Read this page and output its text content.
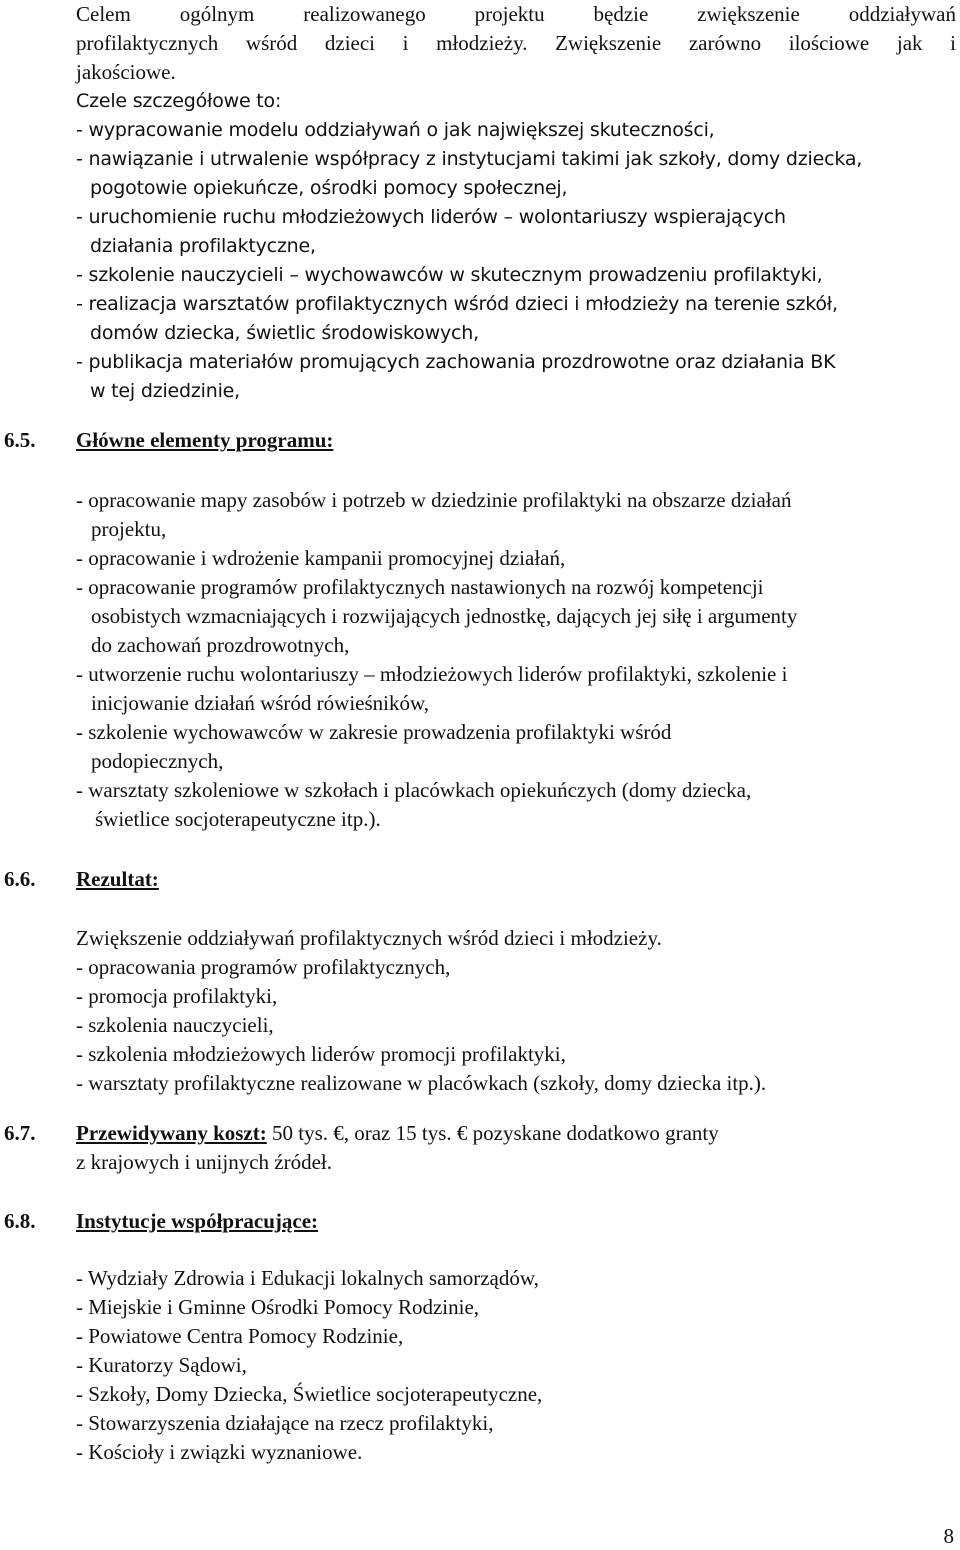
Celem ogólnym realizowanego projektu będzie zwiększenie oddziaływań
profilaktycznych wśród dzieci i młodzieży. Zwiększenie zarówno ilościowe jak i
jakościowe.
Czele szczegółowe to:
- wypracowanie modelu oddziaływań o jak największej skuteczności,
- nawiązanie i utrwalenie współpracy z instytucjami takimi jak szkoły, domy dziecka,
pogotowie opiekuńcze, ośrodki pomocy społecznej,
- uruchomienie ruchu młodzieżowych liderów – wolontariuszy wspierających
działania profilaktyczne,
- szkolenie nauczycieli – wychowawców w skutecznym prowadzeniu profilaktyki,
- realizacja warsztatów profilaktycznych wśród dzieci i młodzieży na terenie szkół,
domów dziecka, świetlic środowiskowych,
- publikacja materiałów promujących zachowania prozdrowotne oraz działania BK
w tej dziedzinie,
6.5. Główne elementy programu:
- opracowanie mapy zasobów i potrzeb w dziedzinie profilaktyki na obszarze działań
projektu,
- opracowanie i wdrożenie kampanii promocyjnej działań,
- opracowanie programów profilaktycznych nastawionych na rozwój kompetencji
osobistych wzmacniających i rozwijających jednostkę, dających jej siłę i argumenty
do zachowań prozdrowotnych,
- utworzenie ruchu wolontariuszy – młodzieżowych liderów profilaktyki, szkolenie i
inicjowanie działań wśród rówieśników,
- szkolenie wychowawców w zakresie prowadzenia profilaktyki wśród
podopiecznych,
- warsztaty szkoleniowe w szkołach i placówkach opiekuńczych (domy dziecka,
świetlice socjoterapeutyczne itp.).
6.6. Rezultat:
Zwiększenie oddziaływań profilaktycznych wśród dzieci i młodzieży.
- opracowania programów profilaktycznych,
- promocja profilaktyki,
- szkolenia nauczycieli,
- szkolenia młodzieżowych liderów promocji profilaktyki,
- warsztaty profilaktyczne realizowane w placówkach (szkoły, domy dziecka itp.).
6.7. Przewidywany koszt: 50 tys. €, oraz 15 tys. € pozyskane dodatkowo granty
z krajowych i unijnych źródeł.
6.8. Instytucje współpracujące:
- Wydziały Zdrowia i Edukacji lokalnych samorządów,
- Miejskie i Gminne Ośrodki Pomocy Rodzinie,
- Powiatowe Centra Pomocy Rodzinie,
- Kuratorzy Sądowi,
- Szkoły, Domy Dziecka, Świetlice socjoterapeutyczne,
- Stowarzyszenia działające na rzecz profilaktyki,
- Kościoły i związki wyznaniowe.
8
